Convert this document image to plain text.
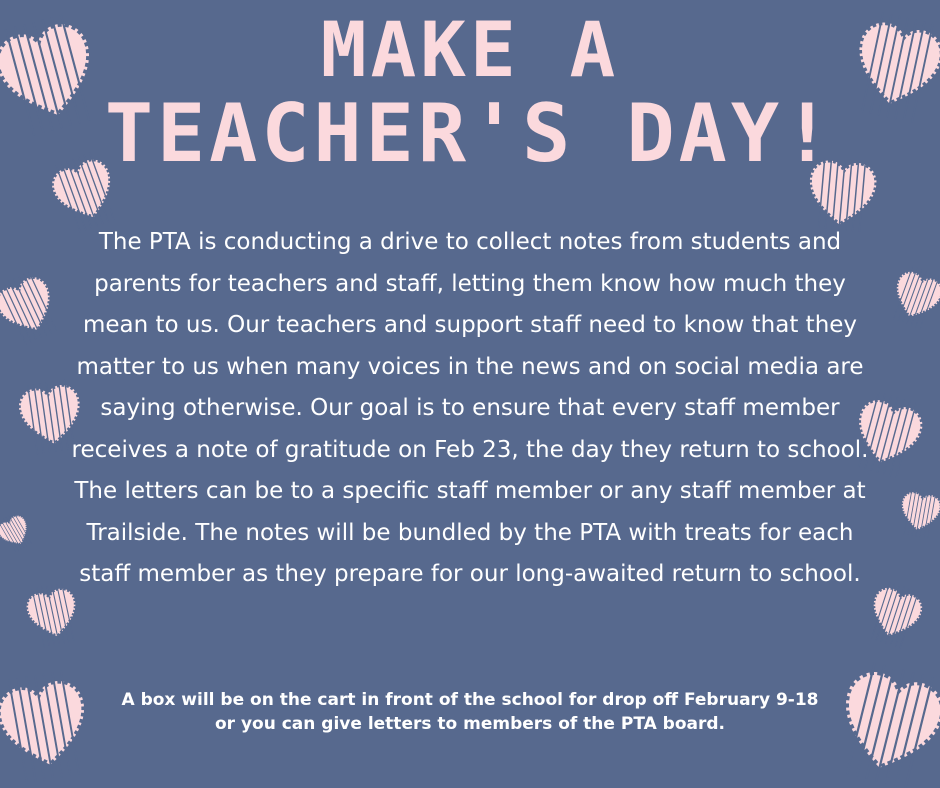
MAKE A
TEACHER'S DAY!

The PTA is conducting a drive to collect notes from students and parents for teachers and staff, letting them know how much they mean to us. Our teachers and support staff need to know that they matter to us when many voices in the news and on social media are saying otherwise. Our goal is to ensure that every staff member receives a note of gratitude on Feb 23, the day they return to school. The letters can be to a specific staff member or any staff member at Trailside. The notes will be bundled by the PTA with treats for each staff member as they prepare for our long-awaited return to school.

A box will be on the cart in front of the school for drop off February 9-18 or you can give letters to members of the PTA board.
